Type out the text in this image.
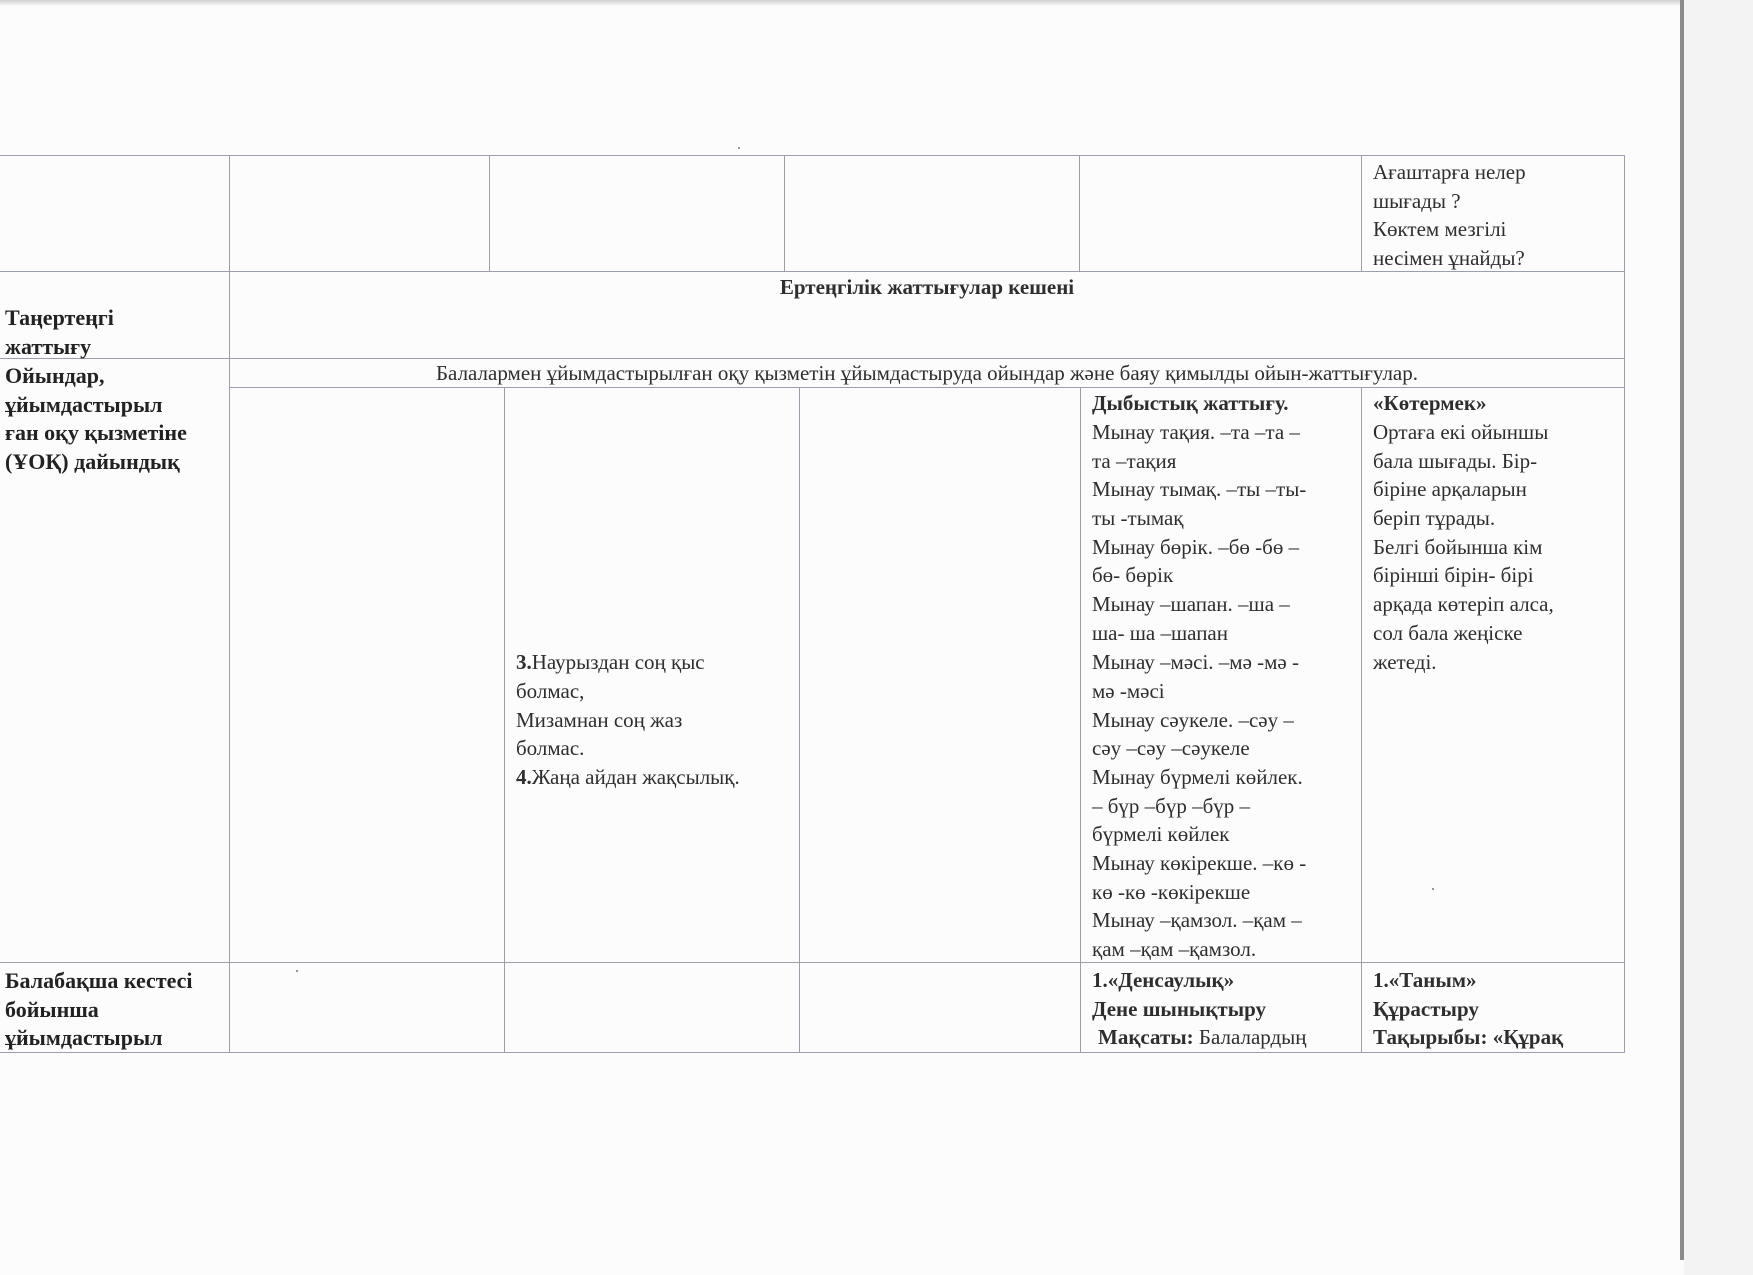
Ағаштарға нелер
шығады ?
Көктем мезгілі
несімен ұнайды?
Таңертеңгі
жаттығу
Ертеңгілік жаттығулар кешені
Ойындар,
ұйымдастырыл
ған оқу қызметіне
(ҰОҚ) дайындық
Балалармен ұйымдастырылған оқу қызметін ұйымдастыруда ойындар және баяу қимылды ойын-жаттығулар.
3.Наурыздан соң қыс
болмас,
Мизамнан соң жаз
болмас.
4.Жаңа айдан жақсылық.
Дыбыстық жаттығу.
Мынау тақия. –та –та –
та –тақия
Мынау тымақ. –ты –ты-
ты -тымақ
Мынау бөрік. –бө -бө –
бө- бөрік
Мынау –шапан. –ша –
ша- ша –шапан
Мынау –мәсі. –мә -мә -
мә -мәсі
Мынау сәукеле. –сәу –
сәу –сәу –сәукеле
Мынау бүрмелі көйлек.
– бүр –бүр –бүр –
бүрмелі көйлек
Мынау көкірекше. –кө -
кө -кө -көкірекше
Мынау –қамзол. –қам –
қам –қам –қамзол.
«Көтермек»
Ортаға екі ойыншы
бала шығады. Бір-
біріне арқаларын
беріп тұрады.
Белгі бойынша кім
бірінші бірін- бірі
арқада көтеріп алса,
сол бала жеңіске
жетеді.
Балабақша кестесі
бойынша
ұйымдастырыл
1.«Денсаулық»
Дене шынықтыру
Мақсаты: Балалардың
1.«Таным»
Құрастыру
Тақырыбы: «Құрақ
